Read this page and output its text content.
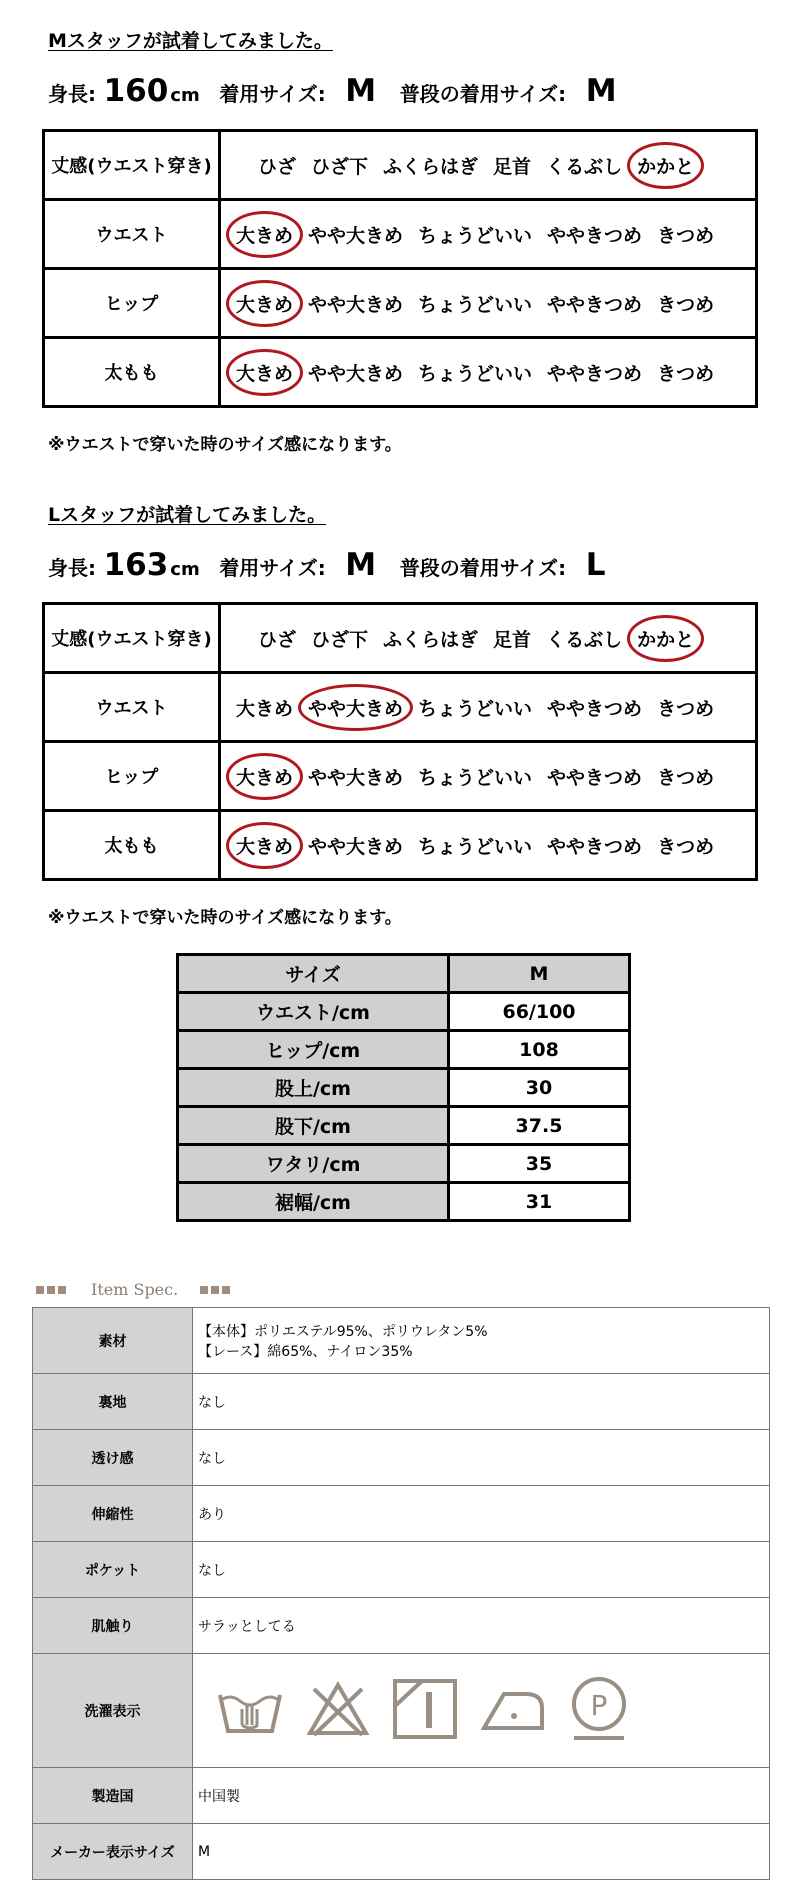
Mスタッフが試着してみました。
身長: 160 cm 着用サイズ: M 普段の着用サイズ: M
丈感(ウエスト穿き)	ひざ ひざ下 ふくらはぎ 足首 くるぶし かかと
ウエスト	大きめ やや大きめ ちょうどいい ややきつめ きつめ
ヒップ	大きめ やや大きめ ちょうどいい ややきつめ きつめ
太もも	大きめ やや大きめ ちょうどいい ややきつめ きつめ
※ウエストで穿いた時のサイズ感になります。
Lスタッフが試着してみました。
身長: 163 cm 着用サイズ: M 普段の着用サイズ: L
丈感(ウエスト穿き)	ひざ ひざ下 ふくらはぎ 足首 くるぶし かかと
ウエスト	大きめ やや大きめ ちょうどいい ややきつめ きつめ
ヒップ	大きめ やや大きめ ちょうどいい ややきつめ きつめ
太もも	大きめ やや大きめ ちょうどいい ややきつめ きつめ
※ウエストで穿いた時のサイズ感になります。
サイズ	M
ウエスト/cm	66/100
ヒップ/cm	108
股上/cm	30
股下/cm	37.5
ワタリ/cm	35
裾幅/cm	31
Item Spec.
素材	【本体】ポリエステル95%、ポリウレタン5%
【レース】綿65%、ナイロン35%

裏地	なし

透け感	なし

伸縮性	あり

ポケット	なし

肌触り	サラッとしてる

洗濯表示	P

製造国	中国製

メーカー表示サイズ	M
